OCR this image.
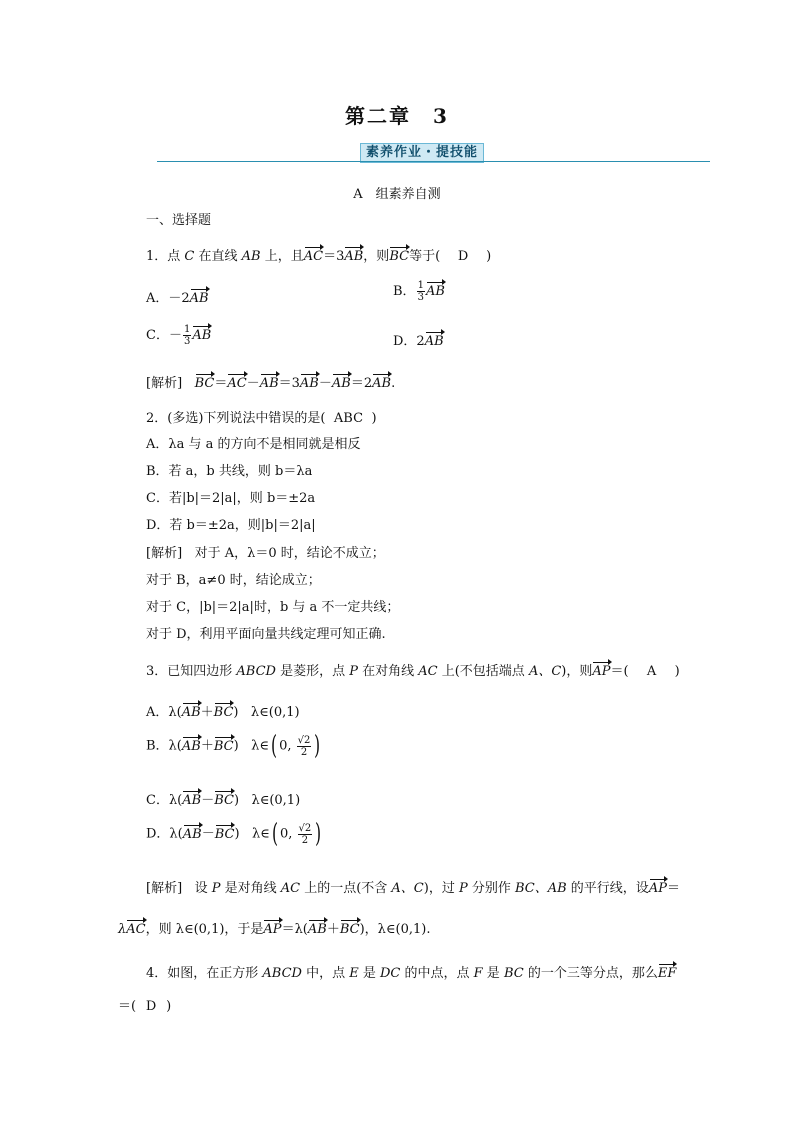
第二章　3
素养作业・提技能
A　组素养自测
一、选择题
1．点 C 在直线 AB 上，且AC＝3AB，则BC等于( D )
A．－2AB	B． $\frac{1}{3}$ AB
C．－ $\frac{1}{3}$ AB	D．2AB
[解析] BC＝AC－AB＝3AB－AB＝2AB.
2．(多选)下列说法中错误的是( ABC )
A．λa 与 a 的方向不是相同就是相反
B．若 a，b 共线，则 b＝λa
C．若|b|＝2|a|，则 b＝±2a
D．若 b＝±2a，则|b|＝2|a|
[解析] 对于 A，λ＝0 时，结论不成立；
对于 B，a≠0 时，结论成立；
对于 C，|b|＝2|a|时，b 与 a 不一定共线；
对于 D，利用平面向量共线定理可知正确.
3．已知四边形 ABCD 是菱形，点 P 在对角线 AC 上(不包括端点 A、C)，则AP＝( A )
A．λ(AB＋BC) λ∈(0,1)
B．λ(AB＋BC) λ∈( 0, $\frac{√2}{2}$ )
C．λ(AB－BC) λ∈(0,1)
D．λ(AB－BC) λ∈( 0, $\frac{√2}{2}$ )
[解析] 设 P 是对角线 AC 上的一点(不含 A、C)，过 P 分别作 BC、AB 的平行线，设AP＝
λAC，则 λ∈(0,1)，于是AP＝λ(AB＋BC)，λ∈(0,1).
4．如图，在正方形 ABCD 中，点 E 是 DC 的中点，点 F 是 BC 的一个三等分点，那么EF
＝( D )
